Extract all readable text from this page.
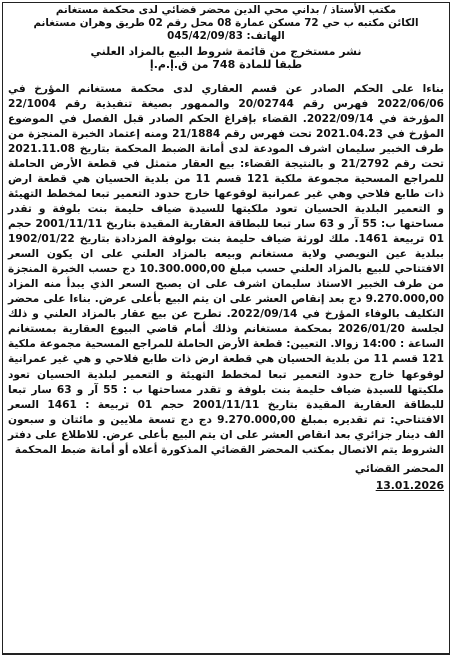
مكتب الأستاذ / بداني محي الدين محضر قضائي لدى محكمة مستغانم
الكائن مكتبه ب حي 72 مسكن عمارة 08 محل رقم 02 طريق وهران مستغانم
الهاتف: 045/42/09/83
نشر مستخرج من قائمة شروط البيع بالمزاد العلني
طبقا للمادة 748 من ق.إ.م.إ
بناءا على الحكم الصادر عن قسم العقاري لدى محكمة مستغانم المؤرخ في 2022/06/06 فهرس رقم 20/02744 والممهور بصيغة تنفيذية رقم 22/1004 المؤرخة في 2022/09/14. القضاء بإفراغ الحكم الصادر قبل الفصل في الموضوع المؤرخ في 2021.04.23 تحت فهرس رقم 21/1884 ومنه إعتماد الخبرة المنجزة من طرف الخبير سليمان اشرف المودعة لدى أمانة الضبط المحكمة بتاريخ 2021.11.08 تحت رقم 21/2792 و بالنتيجة القضاء: بيع العقار متمثل في قطعة الأرض الحاملة للمراجع المسحية مجموعة ملكية 121 قسم 11 من بلدية الحسيان هي قطعة ارض ذات طابع فلاحي وهي غير عمرانية لوقوعها خارج حدود التعمير تبعا لمخطط التهيئة و التعمير البلدية الحسيان تعود ملكيتها للسيدة ضياف حليمة بنت بلوفة و تقدر مساحتها ب: 55 آر و 63 سار تبعا للبطاقة العقارية المقيدة بتاريخ 2001/11/11 حجم 01 تربيعة 1461. ملك لورثة ضياف حليمة بنت بولوفة المزدادة بتاريخ 1902/01/22 ببلدية عين النويصي ولاية مستغانم وبيعه بالمزاد العلني على ان يكون السعر الافتتاحي للبيع بالمزاد العلني حسب مبلغ 10.300.000,00 دج حسب الخبرة المنجزة من طرف الخبير الاستاذ سليمان اشرف على ان يصبح السعر الذي يبدأ منه المزاد 9.270.000,00 دج بعد إنقاص العشر على ان يتم البيع بأعلى عرض. بناءا على محضر التكليف بالوفاء المؤرخ في 2022/09/14. تطرح عن بيع عقار بالمزاد العلني و ذلك لجلسة 2026/01/20 بمحكمة مستغانم وذلك أمام قاضي البيوع العقارية بمستغانم الساعة : 14:00 زوالا. التعيين: قطعة الأرض الحاملة للمراجع المسحية مجموعة ملكية 121 قسم 11 من بلدية الحسيان هي قطعة ارض ذات طابع فلاحي و هي غير عمرانية لوقوعها خارج حدود التعمير تبعا لمخطط التهيئة و التعمير لبلدية الحسيان تعود ملكيتها للسيدة ضياف حليمة بنت بلوفة و تقدر مساحتها ب : 55 آر و 63 سار تبعا للبطاقة العقارية المقيدة بتاريخ 2001/11/11 حجم 01 تربيعة : 1461 السعر الافتتاحي: تم تقديره بمبلغ 9.270.000,00 دج دج تسعة ملايين و مائتان و سبعون الف دينار جزائري بعد انقاص العشر على ان يتم البيع بأعلى عرض. للاطلاع على دفتر الشروط يتم الاتصال بمكتب المحضر القضائي المذكورة أعلاه أو أمانة ضبط المحكمة
المحضر القضائي
13.01.2026
